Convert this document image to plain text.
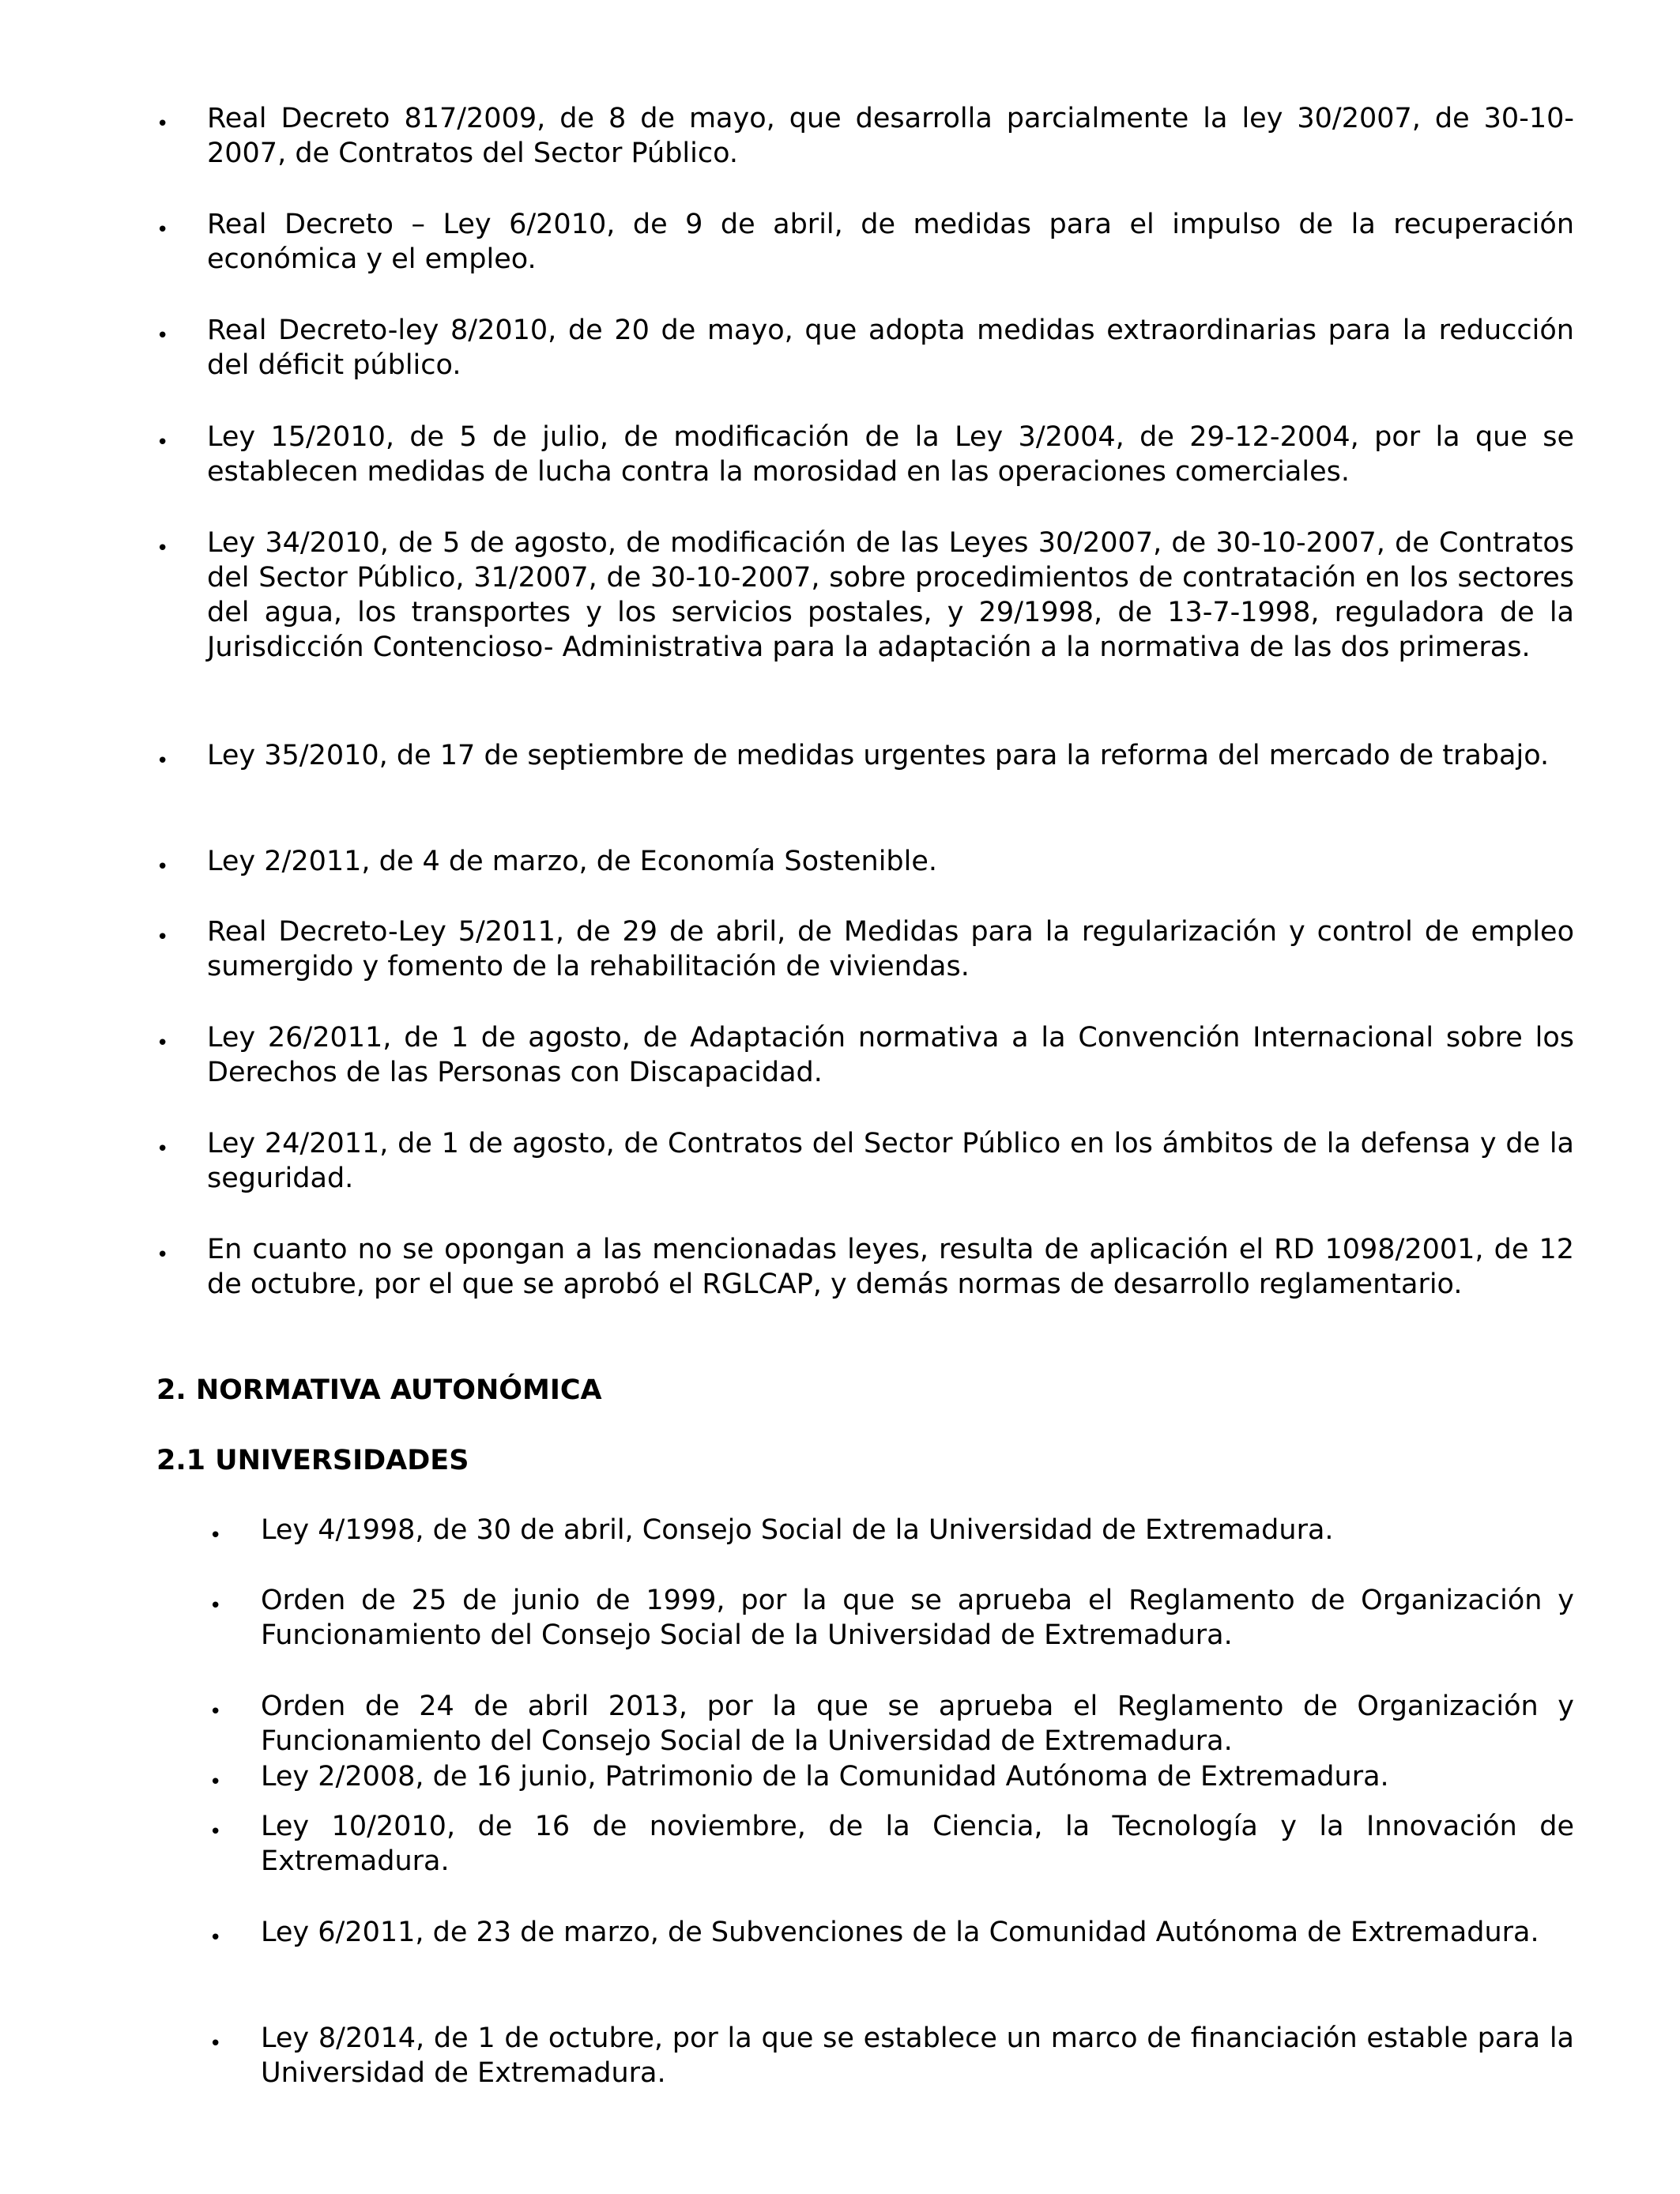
• Real Decreto 817/2009, de 8 de mayo, que desarrolla parcialmente la ley 30/2007, de 30-10-2007, de Contratos del Sector Público.

• Real Decreto – Ley 6/2010, de 9 de abril, de medidas para el impulso de la recuperación económica y el empleo.

• Real Decreto-ley 8/2010, de 20 de mayo, que adopta medidas extraordinarias para la reducción del déficit público.

• Ley 15/2010, de 5 de julio, de modificación de la Ley 3/2004, de 29-12-2004, por la que se establecen medidas de lucha contra la morosidad en las operaciones comerciales.

• Ley 34/2010, de 5 de agosto, de modificación de las Leyes 30/2007, de 30-10-2007, de Contratos del Sector Público, 31/2007, de 30-10-2007, sobre procedimientos de contratación en los sectores del agua, los transportes y los servicios postales, y 29/1998, de 13-7-1998, reguladora de la Jurisdicción Contencioso- Administrativa para la adaptación a la normativa de las dos primeras.

• Ley 35/2010, de 17 de septiembre de medidas urgentes para la reforma del mercado de trabajo.

• Ley 2/2011, de 4 de marzo, de Economía Sostenible.

• Real Decreto-Ley 5/2011, de 29 de abril, de Medidas para la regularización y control de empleo sumergido y fomento de la rehabilitación de viviendas.

• Ley 26/2011, de 1 de agosto, de Adaptación normativa a la Convención Internacional sobre los Derechos de las Personas con Discapacidad.

• Ley 24/2011, de 1 de agosto, de Contratos del Sector Público en los ámbitos de la defensa y de la seguridad.

• En cuanto no se opongan a las mencionadas leyes, resulta de aplicación el RD 1098/2001, de 12 de octubre, por el que se aprobó el RGLCAP, y demás normas de desarrollo reglamentario.

2. NORMATIVA AUTONÓMICA
2.1 UNIVERSIDADES
• Ley 4/1998, de 30 de abril, Consejo Social de la Universidad de Extremadura.

• Orden de 25 de junio de 1999, por la que se aprueba el Reglamento de Organización y Funcionamiento del Consejo Social de la Universidad de Extremadura.

• Orden de 24 de abril 2013, por la que se aprueba el Reglamento de Organización y Funcionamiento del Consejo Social de la Universidad de Extremadura.

• Ley 2/2008, de 16 junio, Patrimonio de la Comunidad Autónoma de Extremadura.

• Ley 10/2010, de 16 de noviembre, de la Ciencia, la Tecnología y la Innovación de Extremadura.

• Ley 6/2011, de 23 de marzo, de Subvenciones de la Comunidad Autónoma de Extremadura.

• Ley 8/2014, de 1 de octubre, por la que se establece un marco de financiación estable para la Universidad de Extremadura.
